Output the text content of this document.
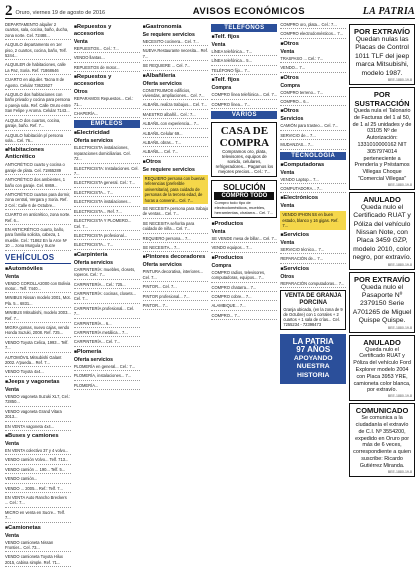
2 Oruro, viernes 19 de agosto de 2016	AVISOS ECONÓMICOS	LA PATRIA
DEPARTAMENTO alquiler 2 cuartos, sala, cocina, baño, ducha, zona norte. Cel. 72488...
ALQUILO departamento en 1er piso, 2 cuartos, cocina, baño, Telf. 5244...
ALQUILER de habitaciones, calle La Paz, Soria. Ref. 71868646
CUARTO en alquiler. Tacna 8 de Agosto. Celular 73622627
ALQUILO dos habitaciones con baño privado y cocina para persona o pareja sola. Ref. Calle Oruro entre San Felipe y Aroma. Celular 7143...
ALQUILO dos cuartos, cocina, garaje, baño. Ref. 7...
ALQUILO habitación p/ persona sola... Cel. 76...
■ Habitaciones Anticrético
ANTICRÉTICO cuarto y cocina o garaje de plata. Cel. 71865289
ANTICRÉTICO dos ambientes, 1 baño con garaje. Cel. 6869...
ANTICRÉTICO cuartos para dormir, zona central, Vergara y Soria. Ref. 2 Cel.: Calle 6 de Octubre...
CUARTO en anticrético, zona norte. Ref. 6...
EN ANTICRÉTICO cuarto, baño, para familia solicita, cabeza, 1 mueble. Cel.: 71862 En la Arce Nº 10 ... zona Murguía y Sucre
VEHÍCULOS
■ Automóviles
Venta
VENDO COROLLA2000 con Bolivia motor... Telf. 7440...
MINIBUS Nissan modelo 2001, Mot. Pla. 5... 6831...
MINIBUS Mitsubishi, modelo 2003... Ref. 7...
MIGRA gomas, nuevo cajas, vendo Honda Suzuki, 2008. Ref. 725...
VENDO Toyota Celica, 1993... Telf. 7...
AUTOMÓVIL Mitsubishi Galant 2002. A'pueda... Ref. 7...
VENDO Toyota 4x4...
■ Jeeps y vagonetas
Venta
VENDO vagoneta Suzuki XL7, Cel.: 72850...
VENDO vagoneta Grand Vitara 2013...
EN VENTA vagoneta 4x4...
■ Buses y camiones
Venta
EN VENTA colectivo 37 y 4 volvo...
VENDO camión Volvo... Telf. 713...
VENDO camión ... 190... Telf. 5...
VENDO camión...
VENDO ... 2005... Ref.: Telf. 7...
EN VENTA Auto Rancho Breckers ... Cel.: 7...
MICRO en venta en Sucre... Telf. 7...
■ Camionetas
Venta
VENDO camioneta Nissan Frontier... Cel. 73...
VENDO camioneta Toyota Hilux 2015, cabina simple. Ref. 71...
■ Repuestos y accesorios
Venta
REPUESTOS... Cel.: 7...
VENDO llantas...
REPUESTOS de motor...
■ Repuestos y accesorios
Otros
REPARAMOS Repuestos... Cel.: 71...
CHAPERÍA...
EMPLEOS
■ Electricidad
Oferta servicios
ELECTRICISTA instalaciones, reparaciones domiciliarias. Cel. 72...
ELECTRICISTA: Instalaciones. Cel. 7...
ELECTRICISTA general. Cel.: 7...
ELECTRICISTA... 7...
ELECTRICISTA instalaciones...
ELECTRICISTA... Ref. 7...
ELECTRICISTA Y PLOMERO... Cel. 7...
ELECTRICISTA profesional...
ELECTRICISTA... 7...
■ Carpintería
Oferta servicios
CARPINTERÍA: muebles, closets, roperos. Cel.: 7...
CARPINTERÍA... Cel.: 725...
CARPINTERÍA: cocinas, closets... Cel. 7...
CARPINTERÍA profesional... Cel. 7...
CARPINTERÍA... 6...
CARPINTERÍA metálica... 7...
CARPINTERÍA... Cel. 7...
■ Plomería
Oferta servicios
PLOMERÍA en general... Cel.: 7...
PLOMERÍA, instalaciones... 7...
PLOMERÍA...
■ Gastronomía
Se requiere servicios
NECESITO cocinera... Cel. 7...
NUEVA Restaurante necesita... Ref. 7...
SE REQUIERE ... Cel. 7...
■ Albañilería
Oferta servicios
CONSTRUIMOS edificios, viviendas, ampliaciones... Cel. 7...
ALBAÑIL realiza trabajos... Cel. 7...
MAESTRO albañil... Cel.: 7...
ALBAÑIL con experiencia... 7...
ALBAÑIL Celular 69...
ALBAÑIL obras... 7...
ALBAÑIL... Cel. 7...
■ Otros
Se requiere servicios
REQUIERO persona con buenas referencias (preferible universitaria), para cuidado de personas de la tercera edad, de horas a convenir... Cel. 7...
SE NECESITA persona para trabajo de ventas... Cel. 7...
SE NECESITA señorita para cuidado de niña... Cel. 7...
REQUIERO persona... 7...
SE NECESITA... 7...
■ Pintores decoradores
Oferta servicios
PINTURA decorativa, interiores... Cel. 7...
PINTOR... Cel. 7...
PINTOR profesional... 7...
PINTOR... 7...
TELÉFONOS
■ Telf. fijos
Venta
LÍNEA telefónica... 7...
LÍNEA telefónica... 5...
TELÉFONO fijo... 7...
■ Telf. fijos
Compra
COMPRO línea telefónica... Cel. 7...
COMPRO línea... 7...
VARIOS
CASA DE COMPRA
Compramos oro, plata, televisores, equipos de sonido, celulares, refrigeradores... Pagamos los mejores precios... Cel.: 7...
SOLUCIÓN
COMPRO TODO
Compro todo tipo de electrodomésticos, muebles, herramientas, chatarra... Cel. 7...
■ Productos
Venta
SE VENDE mesa de billar... Cel. 7...
VENDO equipos... 7...
■ Productos
Compra
COMPRO radios, televisores, computadoras, equipos... 7...
COMPRO chatarra... 7...
COMPRO cobre... 7...
ALAMBIQUE... 7...
COMPRO... 7...
COMPRO oro, plata... Cel.: 7...
COMPRO electrodomésticos... 7...
■ Otros
Venta
TRASPASO ... Cel.: 7...
VENDO... 7...
■ Otros
Compra
COMPRO terreno... 7...
COMPRO... 6...
■ Otros
Servicios
CAMIÓN para trasteo... Cel. 7...
SERVICIO de... 7...
MUDANZAS... 7...
TECNOLOGÍA
■ Computadoras
Venta
VENDO Laptop... 7...
COMPUTADORA... 7...
■ Electrónicos
Venta
VENDO IPHON 5S en buen estado, blanco y 16 gigas. Ref. 7...
■ Servicios
Venta
SERVICIO técnico... 7...
REPARACIÓN de... 7...
■ Servicios
Otros
REPARACIÓN computadoras... 7...
VENTA DE GRANJA PORCINA
Granja ubicada, (en la zona de 9 de Octubre) con 1 corrales + 2 cuartos + 1 sala de crías... Cel. 7255234 - 72398473
LA PATRIA
97 AÑOS
APOYANDO
NUESTRA
HISTORIA
POR EXTRAVÍO
Quedan nulas las Placas de Control 1011 TLF del jeep marca Mitsubishi, modelo 1987.
BEE-1880-19-8
POR SUSTRACCIÓN
Queda nula el Talonario de Facturas del 1 al 50, de 1 al 25 unidades y de 03105 Nº de Autorización: 1331010000162 NIT 3057974014 perteneciente a Prendería y Préstamos Villegas Choque "Comercial Villegas"
BEE-1880-19-8
ANULADO
Queda nulo el Certificado RUAT y Póliza del vehículo Nissan Note, con Placa 3459 GZP, modelo 2010, color negro, por extravío.
BEE-1880-19-8
POR EXTRAVÍO
Queda nulo el Pasaporte Nº 2379150 Serie A701265 de Miguel Quispe Quispe.
BEE-1880-19-8
ANULADO
Queda nulo el Certificado RUAT y Póliza del vehículo Ford Explorer modelo 2004 con Placa 3953 YRE, camioneta color blanca, por extravío.
BEE-1880-19-8
COMUNICADO
Se comunica a la ciudadanía el extravío de C.I. Nº 3554200, expedido en Oruro por más de 6 veces, correspondiente a quien suscribe: Ricardo Gutiérrez Miranda.
BEE-1880-19-8
